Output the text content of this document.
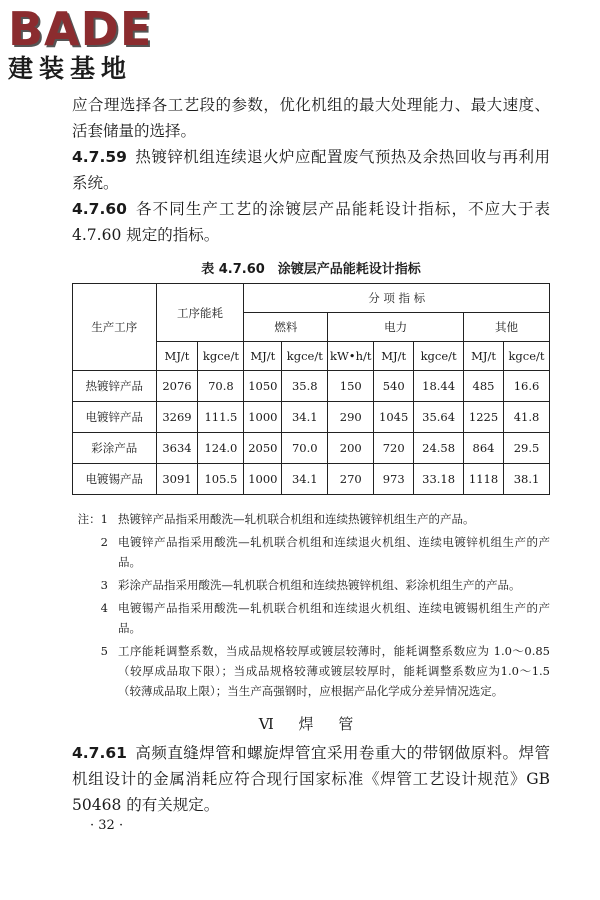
BADE
建装基地

应合理选择各工艺段的参数，优化机组的最大处理能力、最大速度、活套储量的选择。

4.7.59 热镀锌机组连续退火炉应配置废气预热及余热回收与再利用系统。

4.7.60 各不同生产工艺的涂镀层产品能耗设计指标，不应大于表 4.7.60 规定的指标。

表 4.7.60　涂镀层产品能耗设计指标
生产工序	工序能耗		分 项 指 标						
			燃料		电力			其他	
	MJ/t	kgce/t	MJ/t	kgce/t	kW•h/t	MJ/t	kgce/t	MJ/t	kgce/t
热镀锌产品	2076	70.8	1050	35.8	150	540	18.44	485	16.6
电镀锌产品	3269	111.5	1000	34.1	290	1045	35.64	1225	41.8
彩涂产品	3634	124.0	2050	70.0	200	720	24.58	864	29.5
电镀锡产品	3091	105.5	1000	34.1	270	973	33.18	1118	38.1
注：1 热镀锌产品指采用酸洗—轧机联合机组和连续热镀锌机组生产的产品。
2 电镀锌产品指采用酸洗—轧机联合机组和连续退火机组、连续电镀锌机组生产的产品。
3 彩涂产品指采用酸洗—轧机联合机组和连续热镀锌机组、彩涂机组生产的产品。
4 电镀锡产品指采用酸洗—轧机联合机组和连续退火机组、连续电镀锡机组生产的产品。
5 工序能耗调整系数，当成品规格较厚或镀层较薄时，能耗调整系数应为 1.0～0.85（较厚成品取下限）；当成品规格较薄或镀层较厚时，能耗调整系数应为1.0～1.5（较薄成品取上限）；当生产高强钢时，应根据产品化学成分差异情况选定。
Ⅵ 焊 管

4.7.61 高频直缝焊管和螺旋焊管宜采用卷重大的带钢做原料。焊管机组设计的金属消耗应符合现行国家标准《焊管工艺设计规范》GB 50468 的有关规定。

· 32 ·
